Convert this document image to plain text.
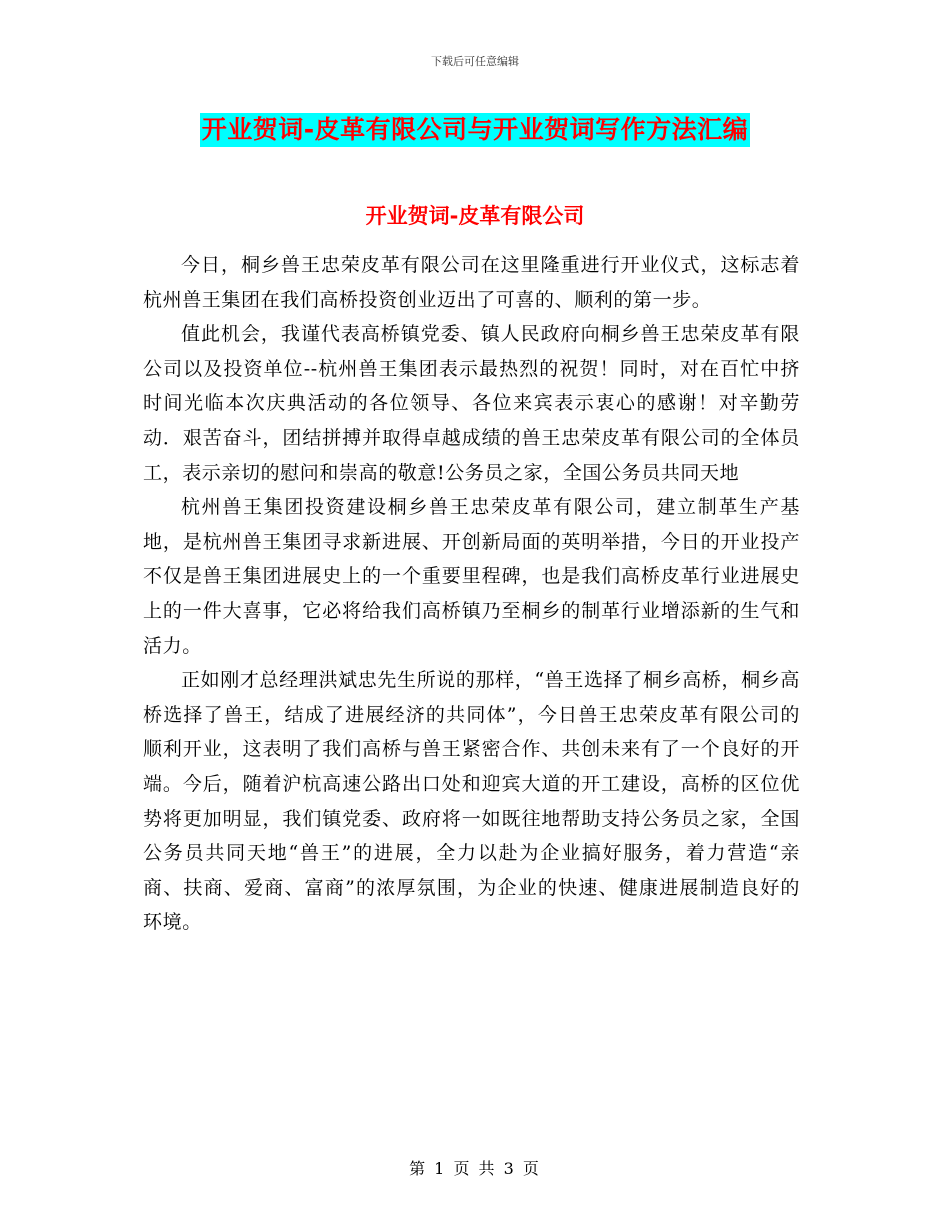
下载后可任意编辑
开业贺词-皮革有限公司与开业贺词写作方法汇编
开业贺词-皮革有限公司

今日，桐乡兽王忠荣皮革有限公司在这里隆重进行开业仪式，这标志着杭州兽王集团在我们高桥投资创业迈出了可喜的、顺利的第一步。

值此机会，我谨代表高桥镇党委、镇人民政府向桐乡兽王忠荣皮革有限公司以及投资单位--杭州兽王集团表示最热烈的祝贺！同时，对在百忙中挤时间光临本次庆典活动的各位领导、各位来宾表示衷心的感谢！对辛勤劳动．艰苦奋斗，团结拼搏并取得卓越成绩的兽王忠荣皮革有限公司的全体员工，表示亲切的慰问和崇高的敬意!公务员之家，全国公务员共同天地

杭州兽王集团投资建设桐乡兽王忠荣皮革有限公司，建立制革生产基地，是杭州兽王集团寻求新进展、开创新局面的英明举措，今日的开业投产不仅是兽王集团进展史上的一个重要里程碑，也是我们高桥皮革行业进展史上的一件大喜事，它必将给我们高桥镇乃至桐乡的制革行业增添新的生气和活力。

正如刚才总经理洪斌忠先生所说的那样，“兽王选择了桐乡高桥，桐乡高桥选择了兽王，结成了进展经济的共同体”，今日兽王忠荣皮革有限公司的顺利开业，这表明了我们高桥与兽王紧密合作、共创未来有了一个良好的开端。今后，随着沪杭高速公路出口处和迎宾大道的开工建设，高桥的区位优势将更加明显，我们镇党委、政府将一如既往地帮助支持公务员之家，全国公务员共同天地“兽王”的进展，全力以赴为企业搞好服务，着力营造“亲商、扶商、爱商、富商”的浓厚氛围，为企业的快速、健康进展制造良好的环境。

第 1 页 共 3 页
